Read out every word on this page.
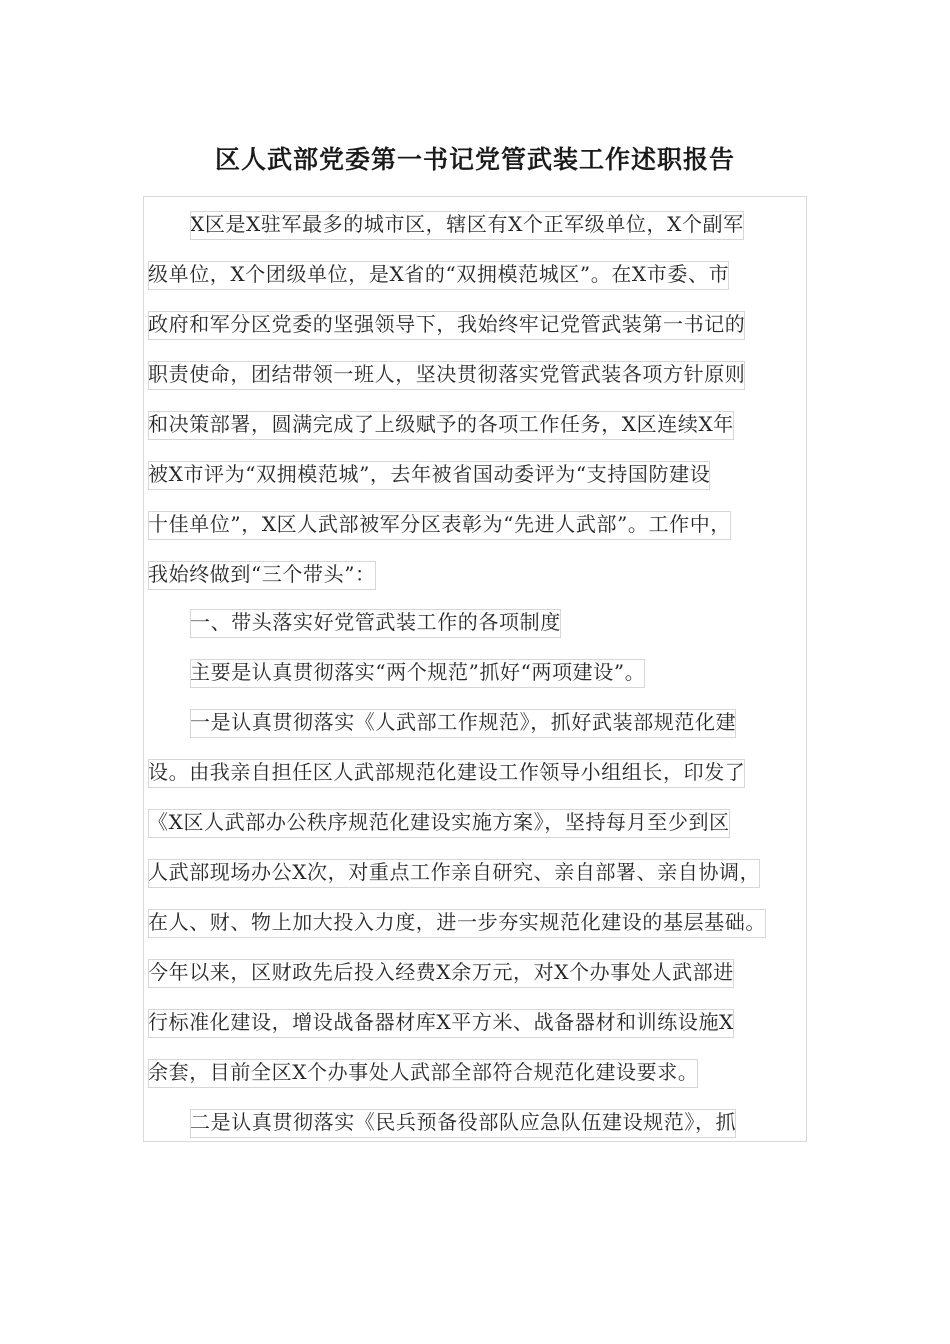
区人武部党委第一书记党管武装工作述职报告
X区是X驻军最多的城市区，辖区有X个正军级单位，X个副军
级单位，X个团级单位，是X省的“双拥模范城区”。在X市委、市
政府和军分区党委的坚强领导下，我始终牢记党管武装第一书记的
职责使命，团结带领一班人，坚决贯彻落实党管武装各项方针原则
和决策部署，圆满完成了上级赋予的各项工作任务，X区连续X年
被X市评为“双拥模范城”，去年被省国动委评为“支持国防建设
十佳单位”，X区人武部被军分区表彰为“先进人武部”。工作中，
我始终做到“三个带头”：
一、带头落实好党管武装工作的各项制度
主要是认真贯彻落实“两个规范”抓好“两项建设”。
一是认真贯彻落实《人武部工作规范》，抓好武装部规范化建
设。由我亲自担任区人武部规范化建设工作领导小组组长，印发了
《X区人武部办公秩序规范化建设实施方案》，坚持每月至少到区
人武部现场办公X次，对重点工作亲自研究、亲自部署、亲自协调，
在人、财、物上加大投入力度，进一步夯实规范化建设的基层基础。
今年以来，区财政先后投入经费X余万元，对X个办事处人武部进
行标准化建设，增设战备器材库X平方米、战备器材和训练设施X
余套，目前全区X个办事处人武部全部符合规范化建设要求。
二是认真贯彻落实《民兵预备役部队应急队伍建设规范》，抓
